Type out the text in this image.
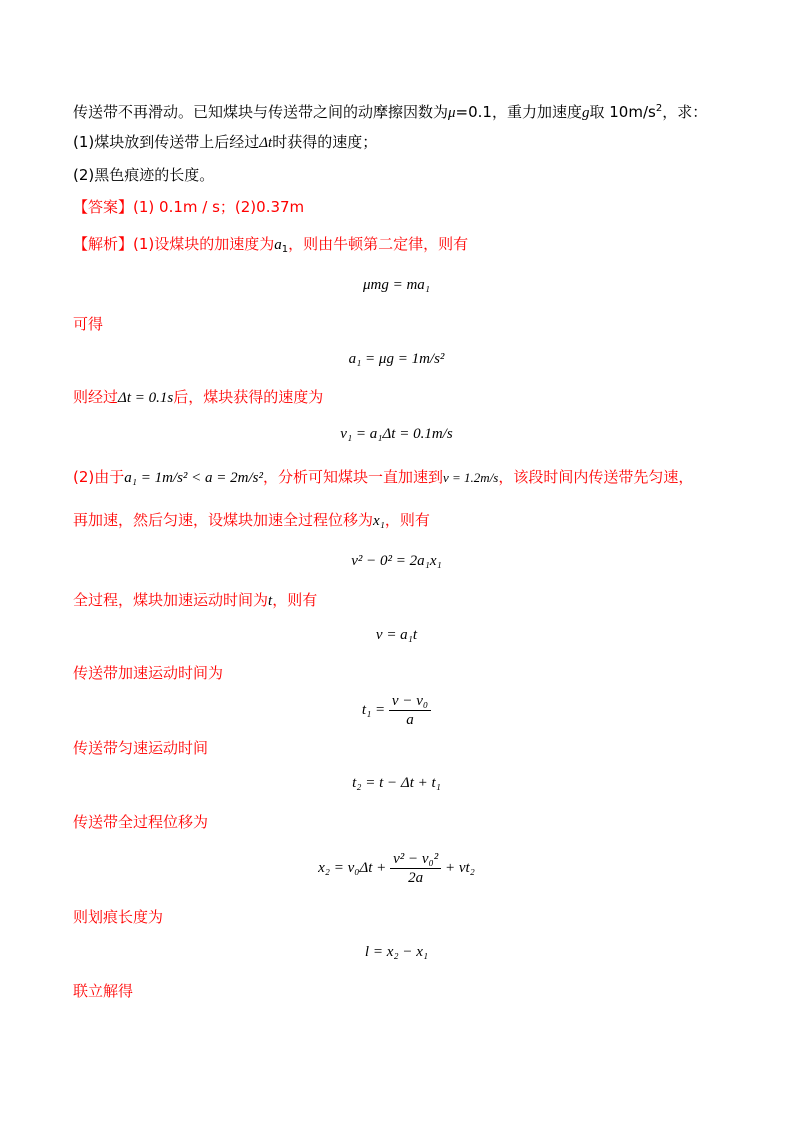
传送带不再滑动。已知煤块与传送带之间的动摩擦因数为μ=0.1，重力加速度g取 $10m/s^2$，求：
(1)煤块放到传送带上后经过Δt时获得的速度；
(2)黑色痕迹的长度。
【答案】(1) 0.1m / s；(2)0.37m
【解析】(1)设煤块的加速度为$a_1$，则由牛顿第二定律，则有
μmg = ma₁
可得
a₁ = μg = 1m/s²
则经过Δt = 0.1s后，煤块获得的速度为
v₁ = a₁Δt = 0.1m/s
(2)由于a₁ = 1m/s² < a = 2m/s²，分析可知煤块一直加速到v = 1.2m/s，该段时间内传送带先匀速，
再加速，然后匀速，设煤块加速全过程位移为x₁，则有
v² − 0² = 2a₁x₁
全过程，煤块加速运动时间为t，则有
v = a₁t
传送带加速运动时间为
$t_1 = \frac{\text{v − v₀}}{a}$
传送带匀速运动时间
t₂ = t − Δt + t₁
传送带全过程位移为
$x_2 = v_0\Delta t + \frac{\text{v² − v₀²}}{2a} + vt_2$
则划痕长度为
l = x₂ − x₁
联立解得
